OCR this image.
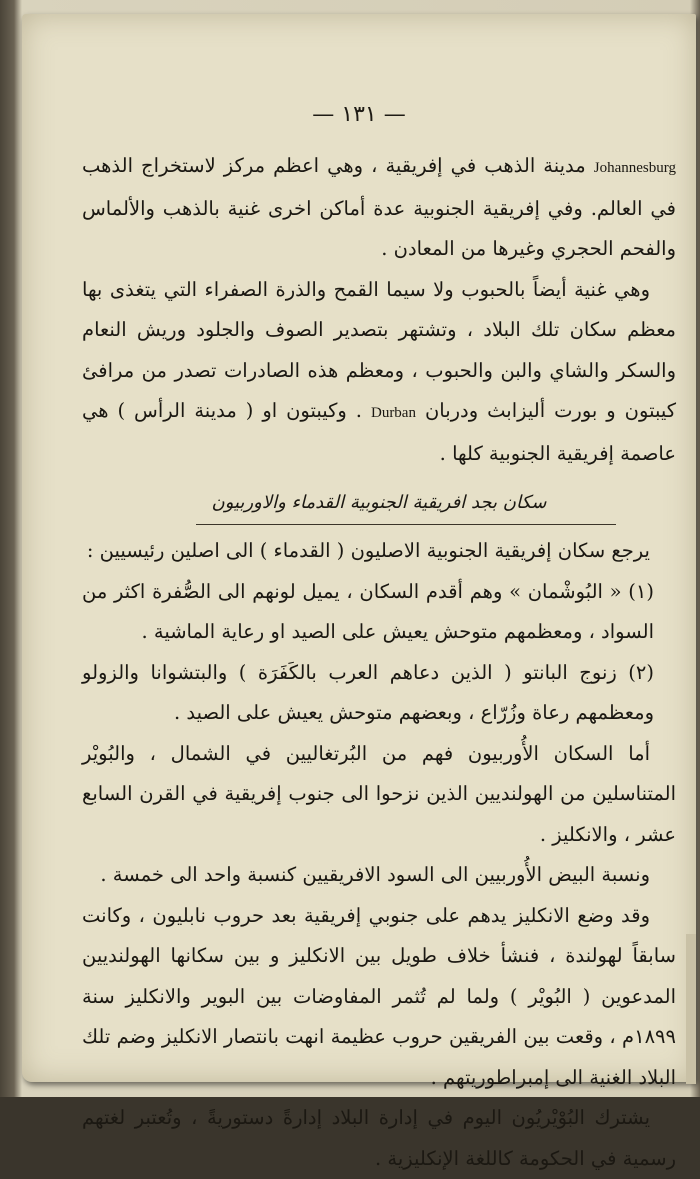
— ١٣١ —

Johannesburg مدينة الذهب في إفريقية ، وهي اعظم مركز لاستخراج الذهب في العالم. وفي إفريقية الجنوبية عدة أماكن اخرى غنية بالذهب والألماس والفحم الحجري وغيرها من المعادن .

وهي غنية أيضاً بالحبوب ولا سيما القمح والذرة الصفراء التي يتغذى بها معظم سكان تلك البلاد ، وتشتهر بتصدير الصوف والجلود وريش النعام والسكر والشاي والبن والحبوب ، ومعظم هذه الصادرات تصدر من مرافئ كيبتون و بورت أليزابث ودربان Durban . وكيبتون او ( مدينة الرأس ) هي عاصمة إفريقية الجنوبية كلها .

سكان بجد افريقية الجنوبية القدماء والاوربيون

يرجع سكان إفريقية الجنوبية الاصليون ( القدماء ) الى اصلين رئيسيين :

(١) « البُوشْمان » وهم أقدم السكان ، يميل لونهم الى الصُّفرة اكثر من السواد ، ومعظمهم متوحش يعيش على الصيد او رعاية الماشية .

(٢) زنوج البانتو ( الذين دعاهم العرب بالكَفَرَة ) والبتشوانا والزولو ومعظمهم رعاة وزُرّاع ، وبعضهم متوحش يعيش على الصيد .

أما السكان الأُوربيون فهم من البُرتغاليين في الشمال ، والبُويْر المتناسلين من الهولنديين الذين نزحوا الى جنوب إفريقية في القرن السابع عشر ، والانكليز .

ونسبة البيض الأُوربيين الى السود الافريقيين كنسبة واحد الى خمسة .

وقد وضع الانكليز يدهم على جنوبي إفريقية بعد حروب نابليون ، وكانت سابقاً لهولندة ، فنشأ خلاف طويل بين الانكليز و بين سكانها الهولنديين المدعوين ( البُويْر ) ولما لم تُثمر المفاوضات بين البوير والانكليز سنة ١٨٩٩م ، وقعت بين الفريقين حروب عظيمة انهت بانتصار الانكليز وضم تلك البلاد الغنية الى إمبراطوريتهم .

يشترك البُوْيْريُون اليوم في إدارة البلاد إدارةً دستوريةً ، وتُعتبر لغتهم رسمية في الحكومة كاللغة الإنكليزية .
